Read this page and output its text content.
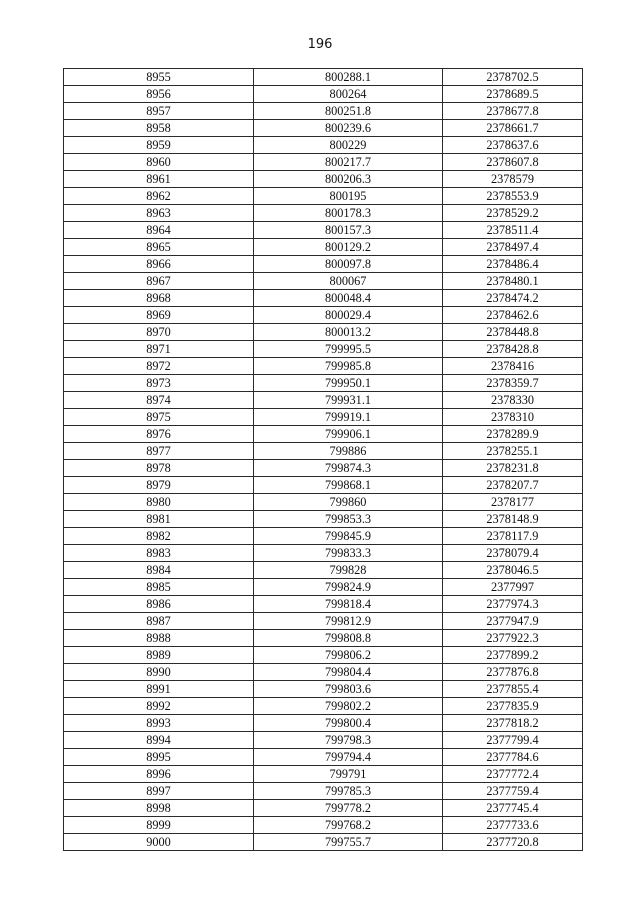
196
8955	800288.1	2378702.5
8956	800264	2378689.5
8957	800251.8	2378677.8
8958	800239.6	2378661.7
8959	800229	2378637.6
8960	800217.7	2378607.8
8961	800206.3	2378579
8962	800195	2378553.9
8963	800178.3	2378529.2
8964	800157.3	2378511.4
8965	800129.2	2378497.4
8966	800097.8	2378486.4
8967	800067	2378480.1
8968	800048.4	2378474.2
8969	800029.4	2378462.6
8970	800013.2	2378448.8
8971	799995.5	2378428.8
8972	799985.8	2378416
8973	799950.1	2378359.7
8974	799931.1	2378330
8975	799919.1	2378310
8976	799906.1	2378289.9
8977	799886	2378255.1
8978	799874.3	2378231.8
8979	799868.1	2378207.7
8980	799860	2378177
8981	799853.3	2378148.9
8982	799845.9	2378117.9
8983	799833.3	2378079.4
8984	799828	2378046.5
8985	799824.9	2377997
8986	799818.4	2377974.3
8987	799812.9	2377947.9
8988	799808.8	2377922.3
8989	799806.2	2377899.2
8990	799804.4	2377876.8
8991	799803.6	2377855.4
8992	799802.2	2377835.9
8993	799800.4	2377818.2
8994	799798.3	2377799.4
8995	799794.4	2377784.6
8996	799791	2377772.4
8997	799785.3	2377759.4
8998	799778.2	2377745.4
8999	799768.2	2377733.6
9000	799755.7	2377720.8
